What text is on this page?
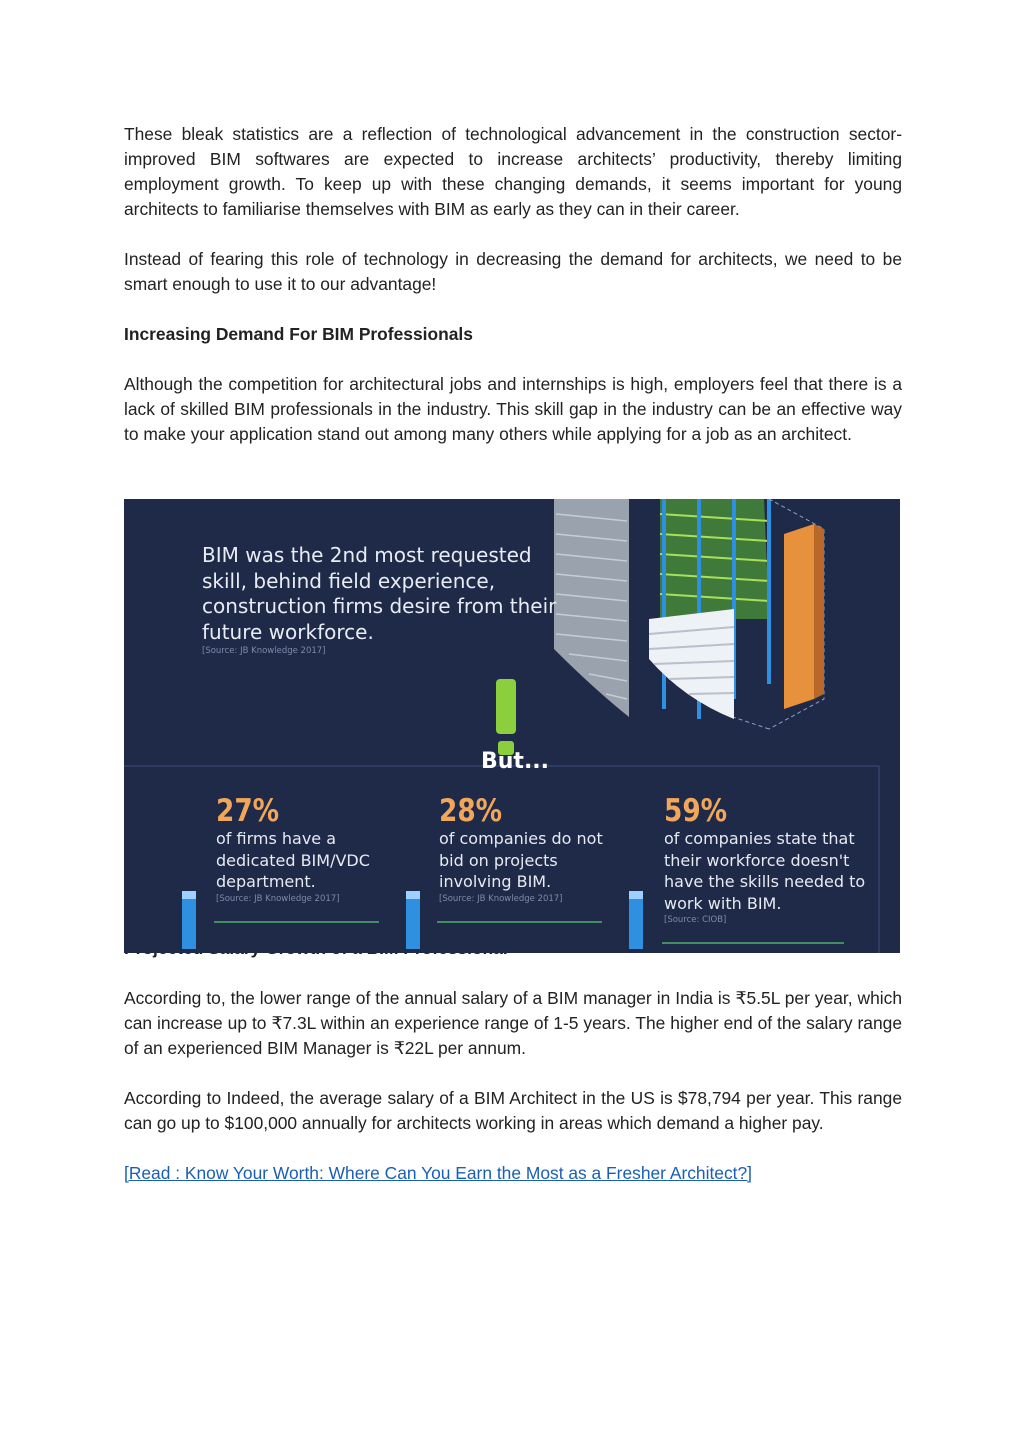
These bleak statistics are a reflection of technological advancement in the construction sector-improved BIM softwares are expected to increase architects’ productivity, thereby limiting employment growth. To keep up with these changing demands, it seems important for young architects to familiarise themselves with BIM as early as they can in their career.

Instead of fearing this role of technology in decreasing the demand for architects, we need to be smart enough to use it to our advantage!

Increasing Demand For BIM Professionals

Although the competition for architectural jobs and internships is high, employers feel that there is a lack of skilled BIM professionals in the industry. This skill gap in the industry can be an effective way to make your application stand out among many others while applying for a job as an architect.

According to, the lower range of the annual salary of a BIM manager in India is ₹5.5L per year, which can increase up to ₹7.3L within an experience range of 1-5 years. The higher end of the salary range of an experienced BIM Manager is ₹22L per annum.

According to Indeed, the average salary of a BIM Architect in the US is $78,794 per year. This range can go up to $100,000 annually for architects working in areas which demand a higher pay.

[Read : Know Your Worth: Where Can You Earn the Most as a Fresher Architect?]
BIM was the 2nd most requested skill, behind field experience, construction firms desire from their future workforce.
[Source: JB Knowledge 2017]
But...
27%
of firms have a dedicated BIM/VDC department.
[Source: JB Knowledge 2017]
28%
of companies do not bid on projects involving BIM.
[Source: JB Knowledge 2017]
59%
of companies state that their workforce doesn't have the skills needed to work with BIM.
[Source: CIOB]
